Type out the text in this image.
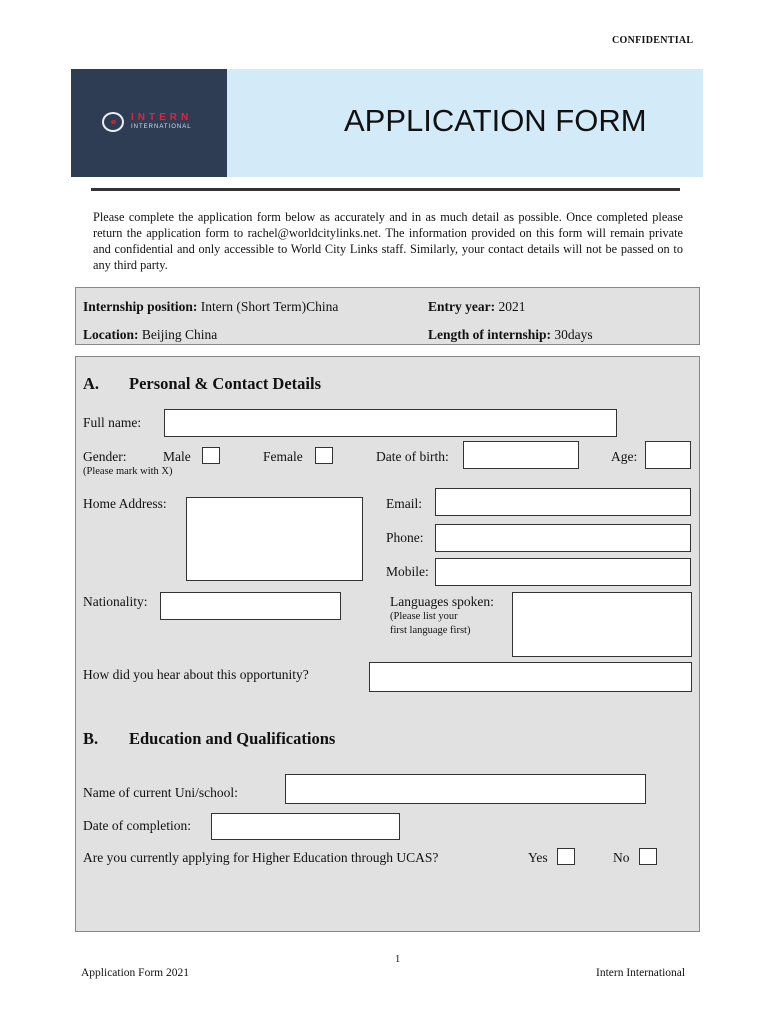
CONFIDENTIAL
INTERN
INTERNATIONAL	APPLICATION FORM

Please complete the application form below as accurately and in as much detail as possible. Once completed please return the application form to rachel@worldcitylinks.net. The information provided on this form will remain private and confidential and only accessible to World City Links staff. Similarly, your contact details will not be passed on to any third party.

Internship position: Intern (Short Term)China	Entry year: 2021
Location: Beijing China	Length of internship: 30days
A. Personal & Contact Details
Full name:
Gender:	Male	Female
(Please mark with X)
Date of birth:	Age:
Home Address:	Email:
Phone:
Mobile:
Nationality:	Languages spoken:
(Please list your
first language first)
How did you hear about this opportunity?
B. Education and Qualifications
Name of current Uni/school:
Date of completion:
Are you currently applying for Higher Education through UCAS?	Yes	No
1
Application Form 2021	Intern International
